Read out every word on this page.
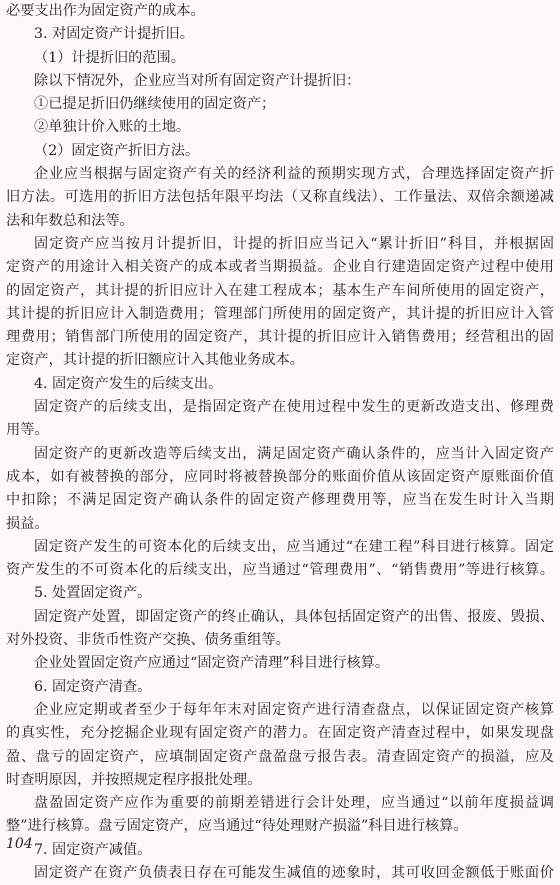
必要支出作为固定资产的成本。

3. 对固定资产计提折旧。

（1）计提折旧的范围。

除以下情况外，企业应当对所有固定资产计提折旧：

①已提足折旧仍继续使用的固定资产；

②单独计价入账的土地。

（2）固定资产折旧方法。

企业应当根据与固定资产有关的经济利益的预期实现方式，合理选择固定资产折

旧方法。可选用的折旧方法包括年限平均法（又称直线法）、工作量法、双倍余额递减

法和年数总和法等。

固定资产应当按月计提折旧，计提的折旧应当记入“累计折旧”科目，并根据固

定资产的用途计入相关资产的成本或者当期损益。企业自行建造固定资产过程中使用

的固定资产，其计提的折旧应计入在建工程成本；基本生产车间所使用的固定资产，

其计提的折旧应计入制造费用；管理部门所使用的固定资产，其计提的折旧应计入管

理费用；销售部门所使用的固定资产，其计提的折旧应计入销售费用；经营租出的固

定资产，其计提的折旧额应计入其他业务成本。

4. 固定资产发生的后续支出。

固定资产的后续支出，是指固定资产在使用过程中发生的更新改造支出、修理费

用等。

固定资产的更新改造等后续支出，满足固定资产确认条件的，应当计入固定资产

成本，如有被替换的部分，应同时将被替换部分的账面价值从该固定资产原账面价值

中扣除；不满足固定资产确认条件的固定资产修理费用等，应当在发生时计入当期

损益。

固定资产发生的可资本化的后续支出，应当通过“在建工程”科目进行核算。固定

资产发生的不可资本化的后续支出，应当通过“管理费用”、“销售费用”等进行核算。

5. 处置固定资产。

固定资产处置，即固定资产的终止确认，具体包括固定资产的出售、报废、毁损、

对外投资、非货币性资产交换、债务重组等。

企业处置固定资产应通过“固定资产清理”科目进行核算。

6. 固定资产清查。

企业应定期或者至少于每年年末对固定资产进行清查盘点，以保证固定资产核算

的真实性，充分挖掘企业现有固定资产的潜力。在固定资产清查过程中，如果发现盘

盈、盘亏的固定资产，应填制固定资产盘盈盘亏报告表。清查固定资产的损溢，应及

时查明原因，并按照规定程序报批处理。

盘盈固定资产应作为重要的前期差错进行会计处理，应当通过“以前年度损益调

整”进行核算。盘亏固定资产，应当通过“待处理财产损溢”科目进行核算。

7. 固定资产减值。

固定资产在资产负债表日存在可能发生减值的迹象时，其可收回金额低于账面价

104
